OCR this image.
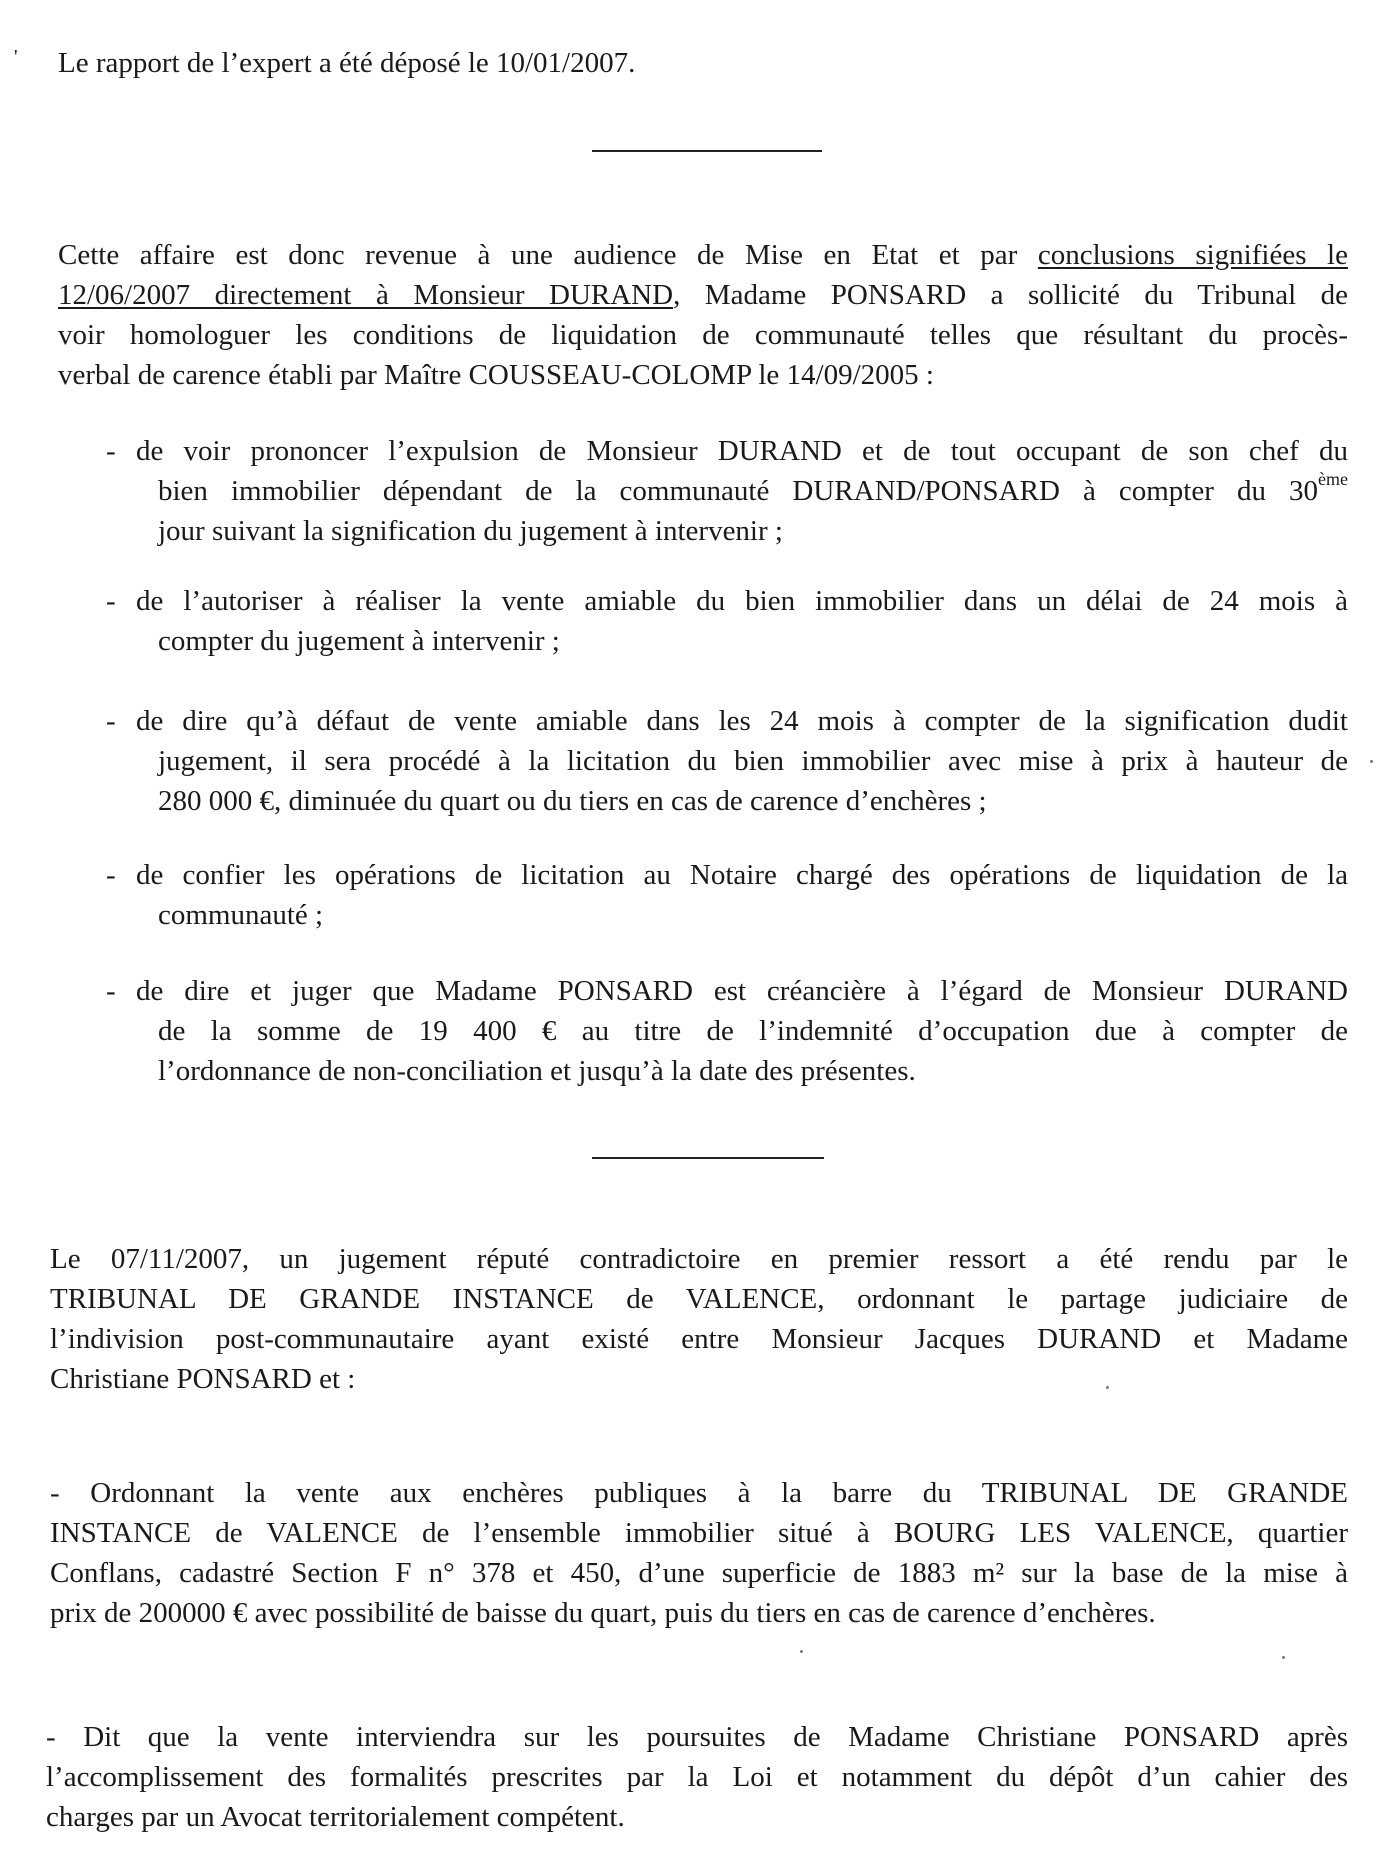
' Le rapport de l’expert a été déposé le 10/01/2007.
Cette affaire est donc revenue à une audience de Mise en Etat et par conclusions signifiées le
12/06/2007 directement à Monsieur DURAND, Madame PONSARD a sollicité du Tribunal de
voir homologuer les conditions de liquidation de communauté telles que résultant du procès-
verbal de carence établi par Maître COUSSEAU-COLOMP le 14/09/2005 :
- de voir prononcer l’expulsion de Monsieur DURAND et de tout occupant de son chef du
bien immobilier dépendant de la communauté DURAND/PONSARD à compter du 30ème
jour suivant la signification du jugement à intervenir ;
- de l’autoriser à réaliser la vente amiable du bien immobilier dans un délai de 24 mois à
compter du jugement à intervenir ;
- de dire qu’à défaut de vente amiable dans les 24 mois à compter de la signification dudit
jugement, il sera procédé à la licitation du bien immobilier avec mise à prix à hauteur de
280 000 €, diminuée du quart ou du tiers en cas de carence d’enchères ;
- de confier les opérations de licitation au Notaire chargé des opérations de liquidation de la
communauté ;
- de dire et juger que Madame PONSARD est créancière à l’égard de Monsieur DURAND
de la somme de 19 400 € au titre de l’indemnité d’occupation due à compter de
l’ordonnance de non-conciliation et jusqu’à la date des présentes.
Le 07/11/2007, un jugement réputé contradictoire en premier ressort a été rendu par le
TRIBUNAL DE GRANDE INSTANCE de VALENCE, ordonnant le partage judiciaire de
l’indivision post-communautaire ayant existé entre Monsieur Jacques DURAND et Madame
Christiane PONSARD et :
- Ordonnant la vente aux enchères publiques à la barre du TRIBUNAL DE GRANDE
INSTANCE de VALENCE de l’ensemble immobilier situé à BOURG LES VALENCE, quartier
Conflans, cadastré Section F n° 378 et 450, d’une superficie de 1883 m² sur la base de la mise à
prix de 200000 € avec possibilité de baisse du quart, puis du tiers en cas de carence d’enchères.
- Dit que la vente interviendra sur les poursuites de Madame Christiane PONSARD après
l’accomplissement des formalités prescrites par la Loi et notamment du dépôt d’un cahier des
charges par un Avocat territorialement compétent.
